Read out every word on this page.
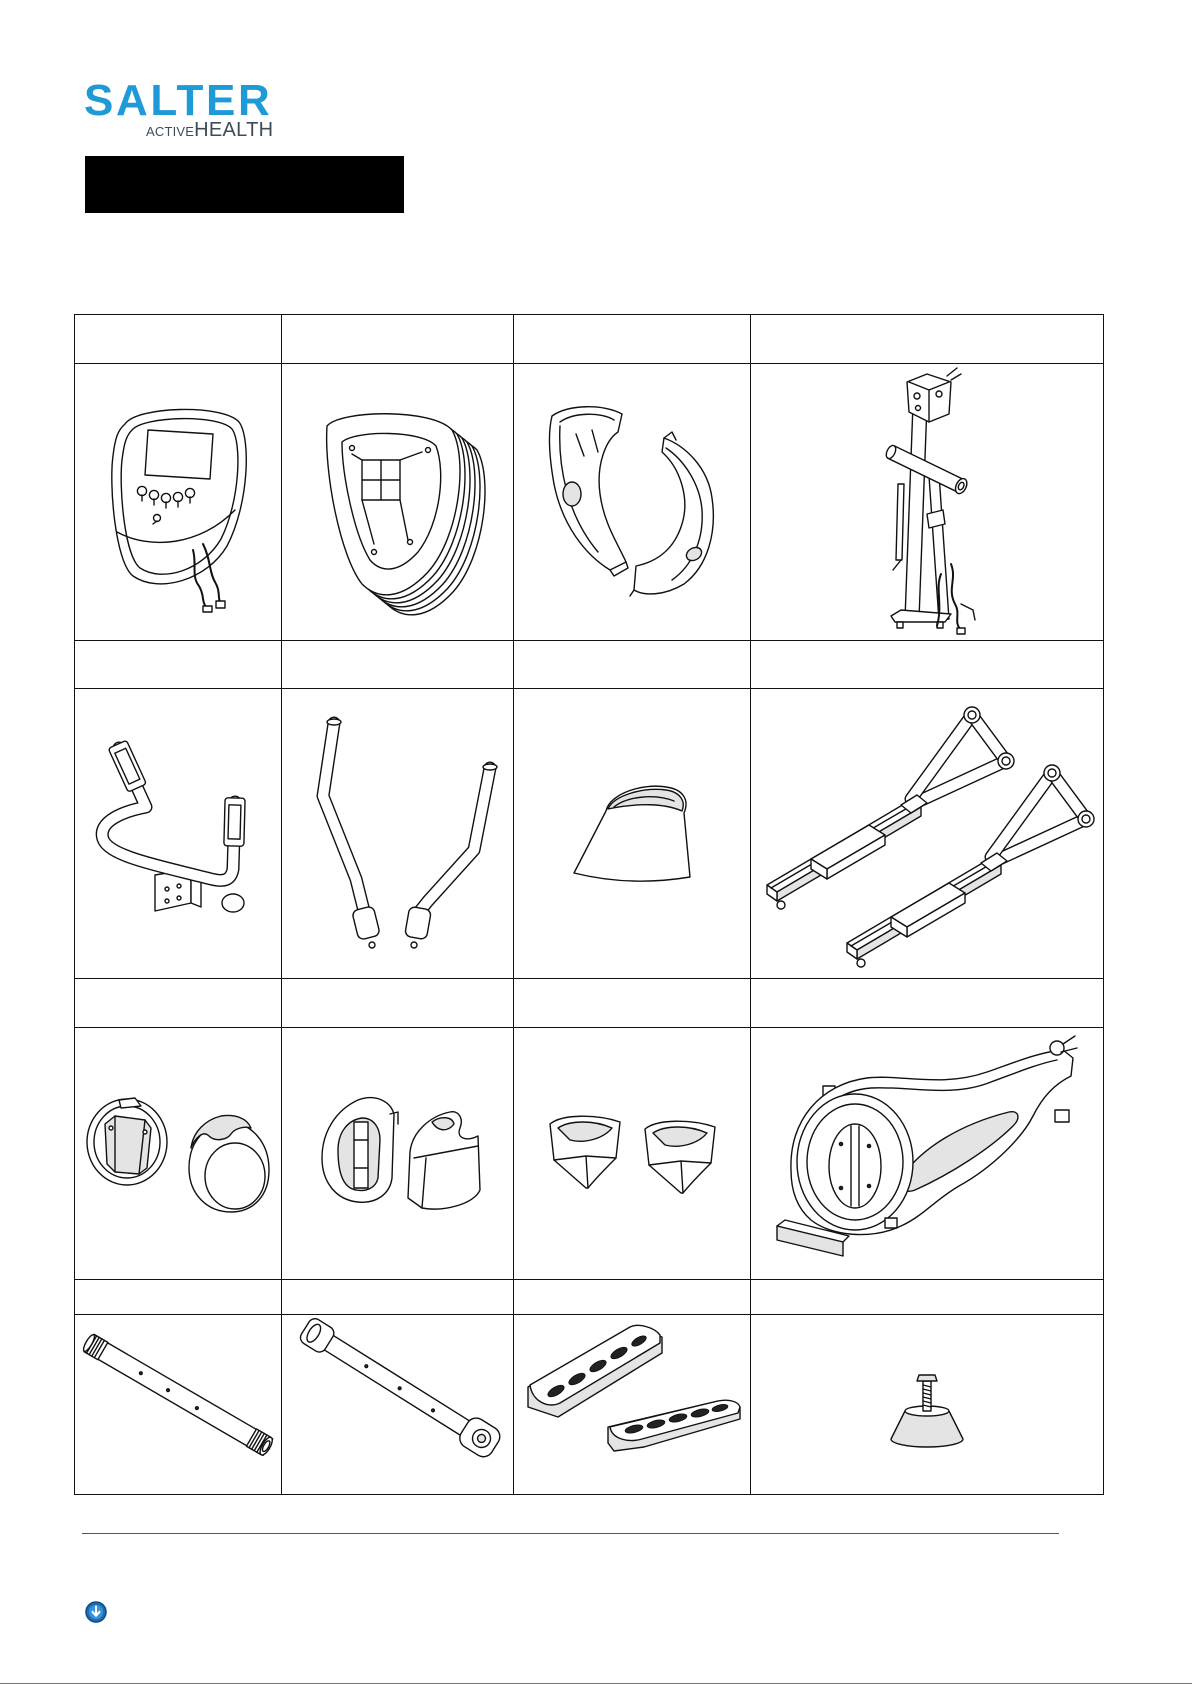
SALTER
ACTIVEHEALTH
